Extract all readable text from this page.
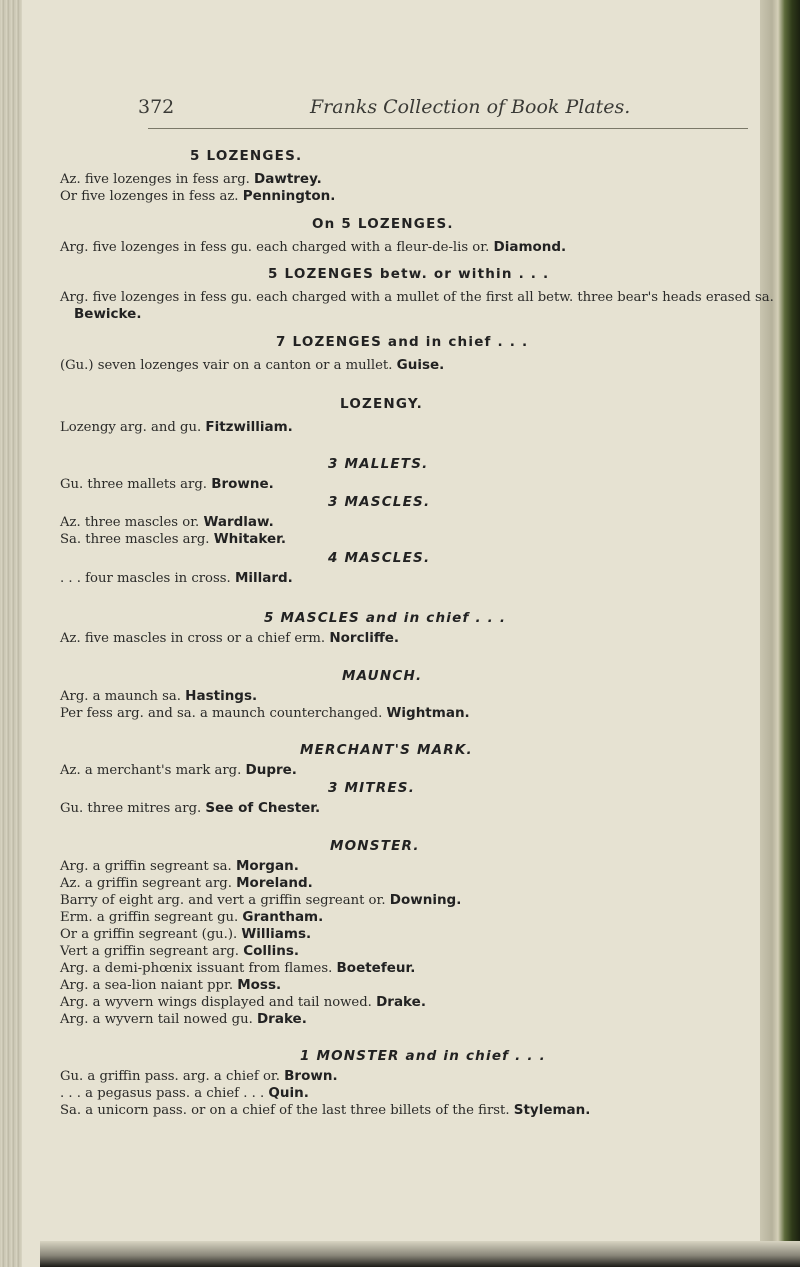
372	Franks Collection of Book Plates.

5 LOZENGES.

Az. five lozenges in fess arg. Dawtrey.

Or five lozenges in fess az. Pennington.

On 5 LOZENGES.

Arg. five lozenges in fess gu. each charged with a fleur-de-lis or. Diamond.

5 LOZENGES betw. or within . . .

Arg. five lozenges in fess gu. each charged with a mullet of the first all betw. three bear's heads erased sa. Bewicke.

7 LOZENGES and in chief . . .

(Gu.) seven lozenges vair on a canton or a mullet. Guise.

LOZENGY.

Lozengy arg. and gu. Fitzwilliam.

3 MALLETS.

Gu. three mallets arg. Browne.

3 MASCLES.

Az. three mascles or. Wardlaw.

Sa. three mascles arg. Whitaker.

4 MASCLES.

. . . four mascles in cross. Millard.

5 MASCLES and in chief . . .

Az. five mascles in cross or a chief erm. Norcliffe.

MAUNCH.

Arg. a maunch sa. Hastings.

Per fess arg. and sa. a maunch counterchanged. Wightman.

MERCHANT'S MARK.

Az. a merchant's mark arg. Dupre.

3 MITRES.

Gu. three mitres arg. See of Chester.

MONSTER.

Arg. a griffin segreant sa. Morgan.

Az. a griffin segreant arg. Moreland.

Barry of eight arg. and vert a griffin segreant or. Downing.

Erm. a griffin segreant gu. Grantham.

Or a griffin segreant (gu.). Williams.

Vert a griffin segreant arg. Collins.

Arg. a demi-phœnix issuant from flames. Boetefeur.

Arg. a sea-lion naiant ppr. Moss.

Arg. a wyvern wings displayed and tail nowed. Drake.

Arg. a wyvern tail nowed gu. Drake.

1 MONSTER and in chief . . .

Gu. a griffin pass. arg. a chief or. Brown.

. . . a pegasus pass. a chief . . . Quin.

Sa. a unicorn pass. or on a chief of the last three billets of the first. Styleman.
